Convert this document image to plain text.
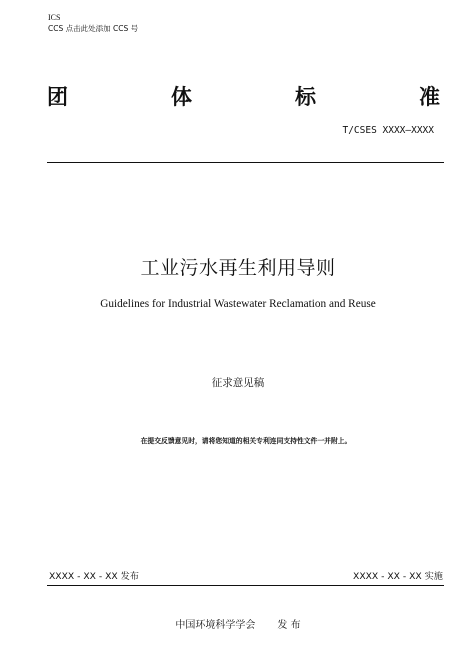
ICS
CCS 点击此处添加 CCS 号
团	体	标	准
T/CSES XXXX—XXXX
工业污水再生利用导则
Guidelines for Industrial Wastewater Reclamation and Reuse
征求意见稿
在提交反馈意见时，请将您知道的相关专利连同支持性文件一并附上。
XXXX - XX - XX 发布	XXXX - XX - XX 实施
中国环境科学学会 发 布
